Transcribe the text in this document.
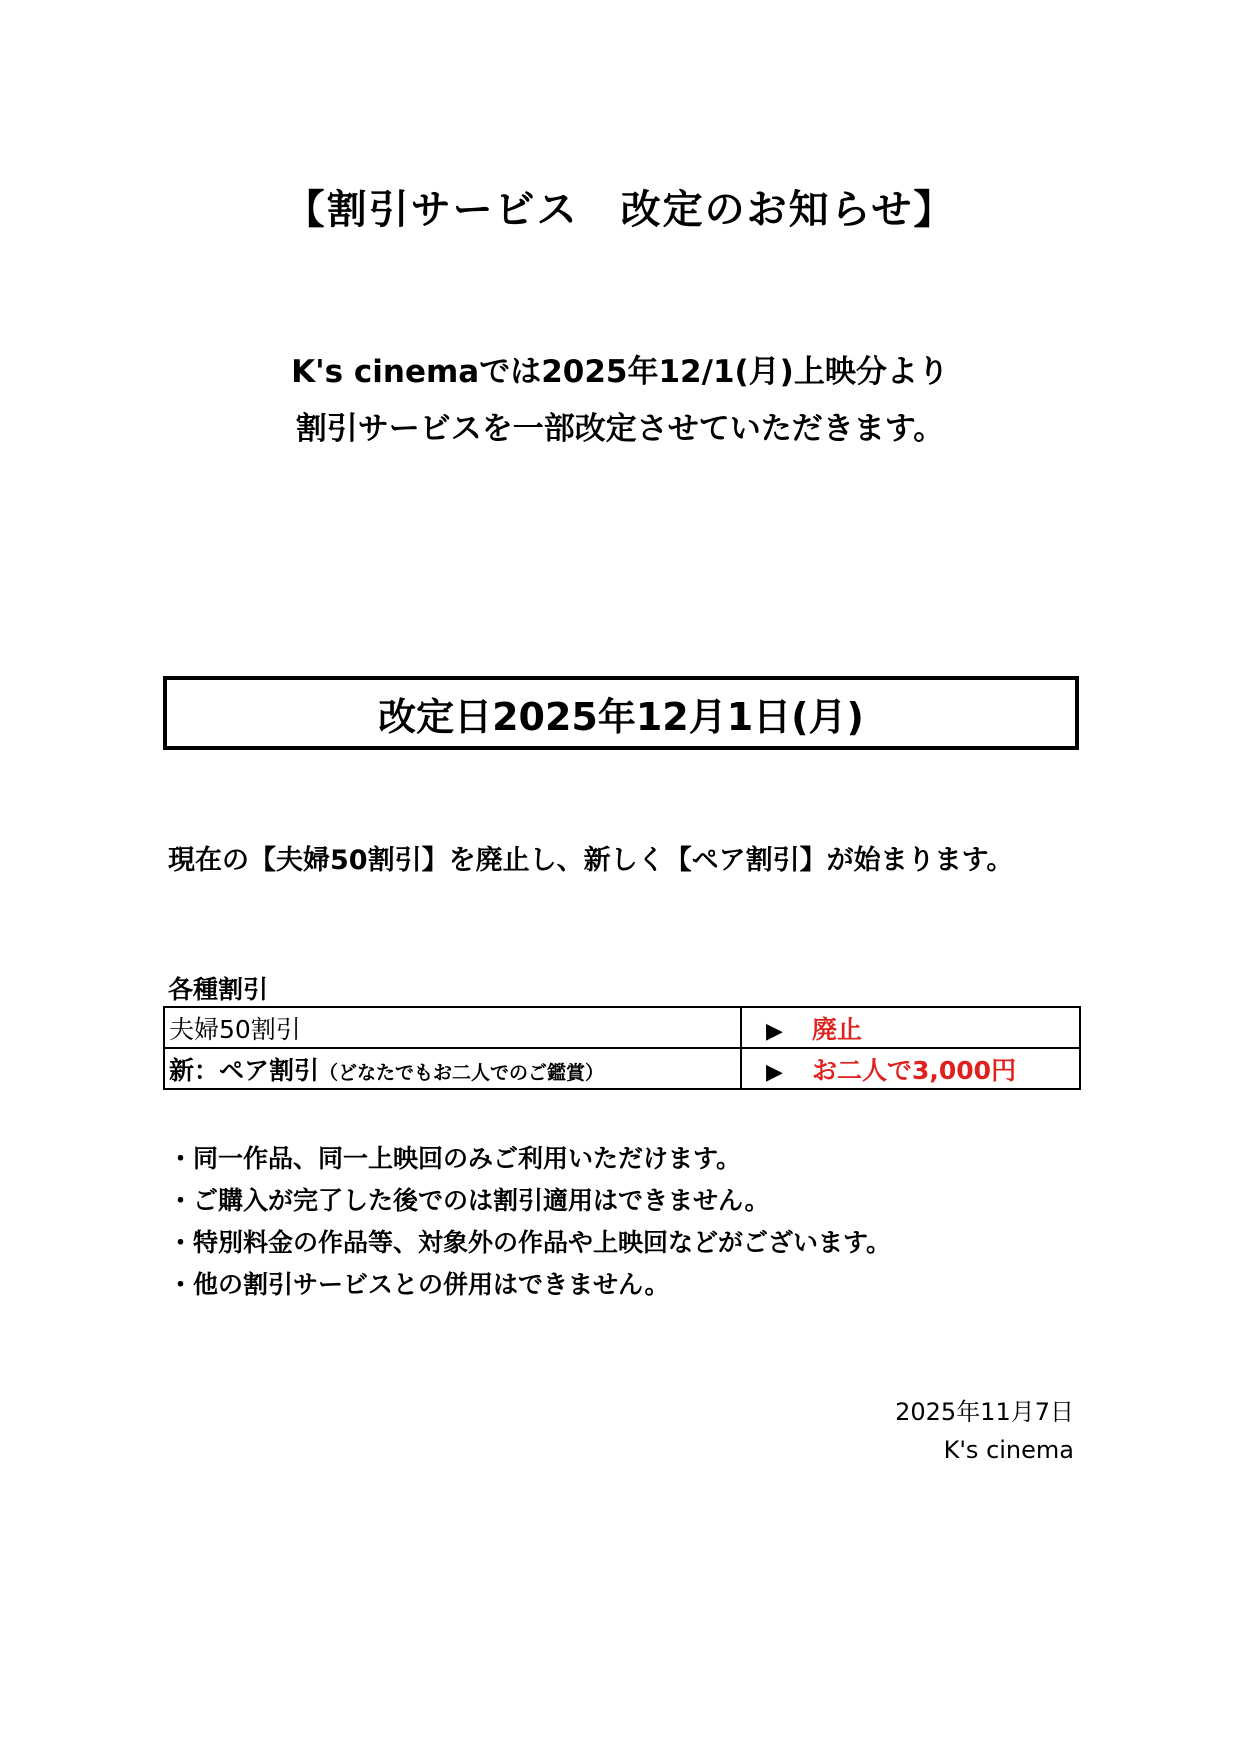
【割引サービス　改定のお知らせ】
K's cinemaでは2025年12/1(月)上映分より
割引サービスを一部改定させていただきます。
改定日2025年12月1日(月)
現在の【夫婦50割引】を廃止し、新しく【ペア割引】が始まります。
各種割引
夫婦50割引	▶ 廃止
新：ペア割引（どなたでもお二人でのご鑑賞）	▶ お二人で3,000円
・同一作品、同一上映回のみご利用いただけます。
・ご購入が完了した後でのは割引適用はできません。
・特別料金の作品等、対象外の作品や上映回などがございます。
・他の割引サービスとの併用はできません。
2025年11月7日
K's cinema
